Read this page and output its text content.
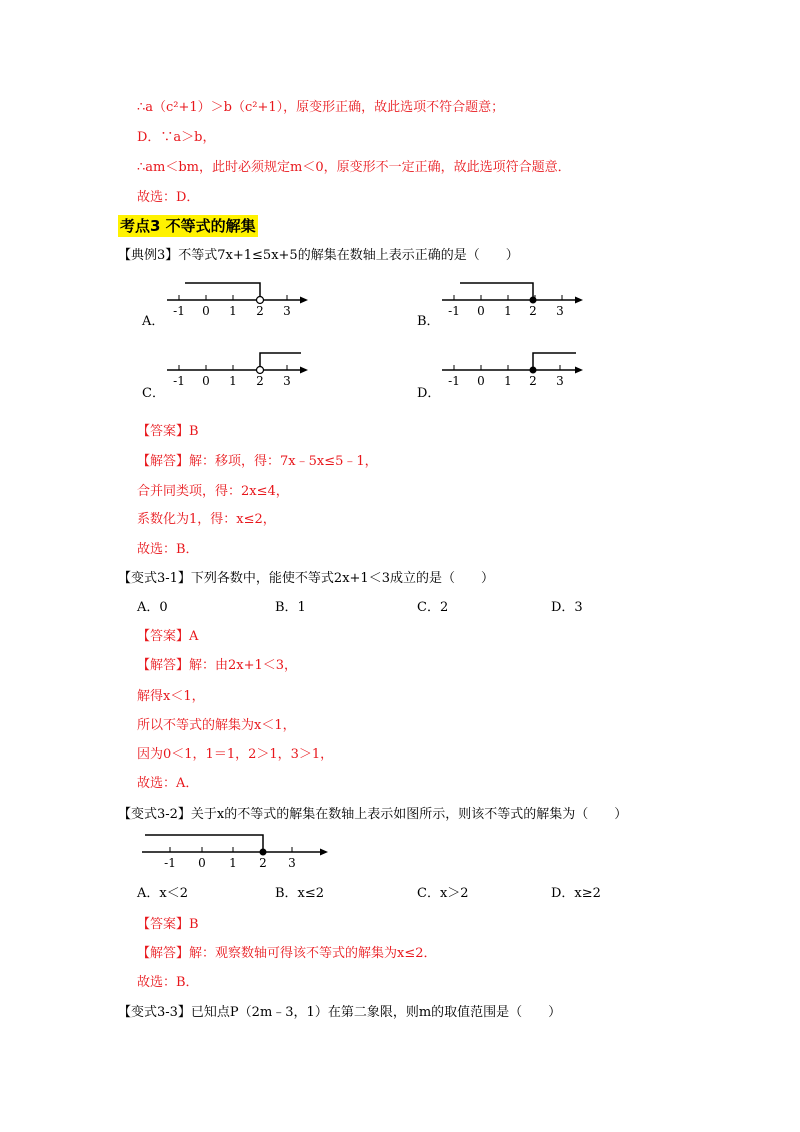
∴a（c²+1）＞b（c²+1），原变形正确，故此选项不符合题意；
D．∵a＞b，
∴am＜bm，此时必须规定m＜0，原变形不一定正确，故此选项符合题意．
故选：D．
考点3 不等式的解集
【典例3】不等式7x+1≤5x+5的解集在数轴上表示正确的是（　　）
A．
-1 0 1 2 3
B．
-1 0 1 2 3
C．
-1 0 1 2 3
D．
-1 0 1 2 3
【答案】B
【解答】解：移项，得：7x﹣5x≤5﹣1，
合并同类项，得：2x≤4，
系数化为1，得：x≤2，
故选：B．
【变式3-1】下列各数中，能使不等式2x+1＜3成立的是（　　）
A．0	B．1	C．2	D．3
【答案】A
【解答】解：由2x+1＜3，
解得x＜1，
所以不等式的解集为x＜1，
因为0＜1，1＝1，2＞1，3＞1，
故选：A．
【变式3-2】关于x的不等式的解集在数轴上表示如图所示，则该不等式的解集为（　　）
-1 0 1 2 3
A．x＜2	B．x≤2	C．x＞2	D．x≥2
【答案】B
【解答】解：观察数轴可得该不等式的解集为x≤2．
故选：B．
【变式3-3】已知点P（2m﹣3，1）在第二象限，则m的取值范围是（　　）
